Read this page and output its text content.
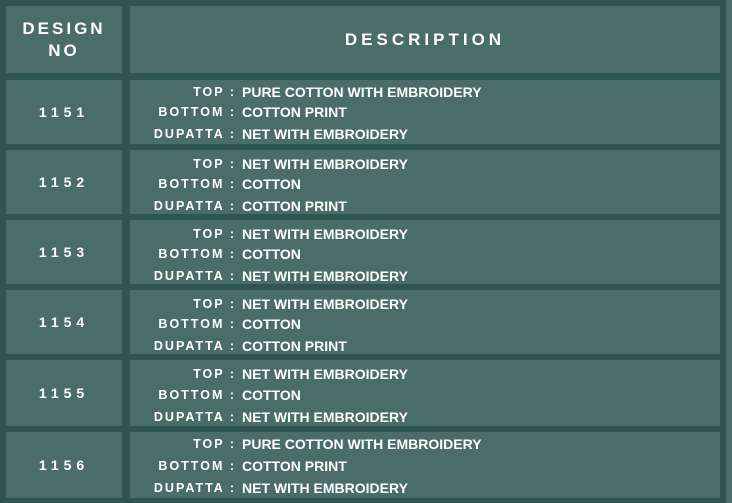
DESIGN
NO
DESCRIPTION
1151
TOP : PURE COTTON WITH EMBROIDERY
BOTTOM : COTTON PRINT
DUPATTA : NET WITH EMBROIDERY
1152
TOP : NET WITH EMBROIDERY
BOTTOM : COTTON
DUPATTA : COTTON PRINT
1153
TOP : NET WITH EMBROIDERY
BOTTOM : COTTON
DUPATTA : NET WITH EMBROIDERY
1154
TOP : NET WITH EMBROIDERY
BOTTOM : COTTON
DUPATTA : COTTON PRINT
1155
TOP : NET WITH EMBROIDERY
BOTTOM : COTTON
DUPATTA : NET WITH EMBROIDERY
1156
TOP : PURE COTTON WITH EMBROIDERY
BOTTOM : COTTON PRINT
DUPATTA : NET WITH EMBROIDERY
